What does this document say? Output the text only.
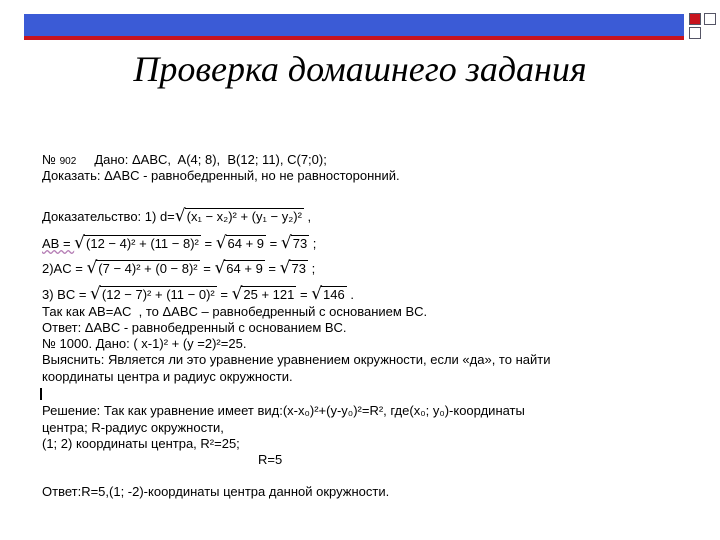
Проверка домашнего задания
№ 902     Дано: ΔABC,  A(4; 8),  B(12; 11), C(7;0);
Доказать: ΔABC - равнобедренный, но не равносторонний.
Доказательство: 1) d=√(x₁ − x₂)² + (y₁ − y₂)² ,
AB = √(12 − 4)² + (11 − 8)² = √64 + 9 = √73 ;
2)AC = √(7 − 4)² + (0 − 8)² = √64 + 9 = √73 ;
3) BC = √(12 − 7)² + (11 − 0)² = √25 + 121 = √146 .
Так как AB=AC  , то ΔABC – равнобедренный с основанием BC.
Ответ: ΔABC - равнобедренный с основанием BC.
№ 1000. Дано: ( x-1)² + (y =2)²=25.
Выяснить: Является ли это уравнение уравнением окружности, если «да», то найти
координаты центра и радиус окружности.
Решение: Так как уравнение имеет вид:(x-x₀)²+(y-y₀)²=R², где(x₀; y₀)-координаты
центра; R-радиус окружности,
(1; 2) координаты центра, R²=25;
R=5
Ответ:R=5,(1; -2)-координаты центра данной окружности.
